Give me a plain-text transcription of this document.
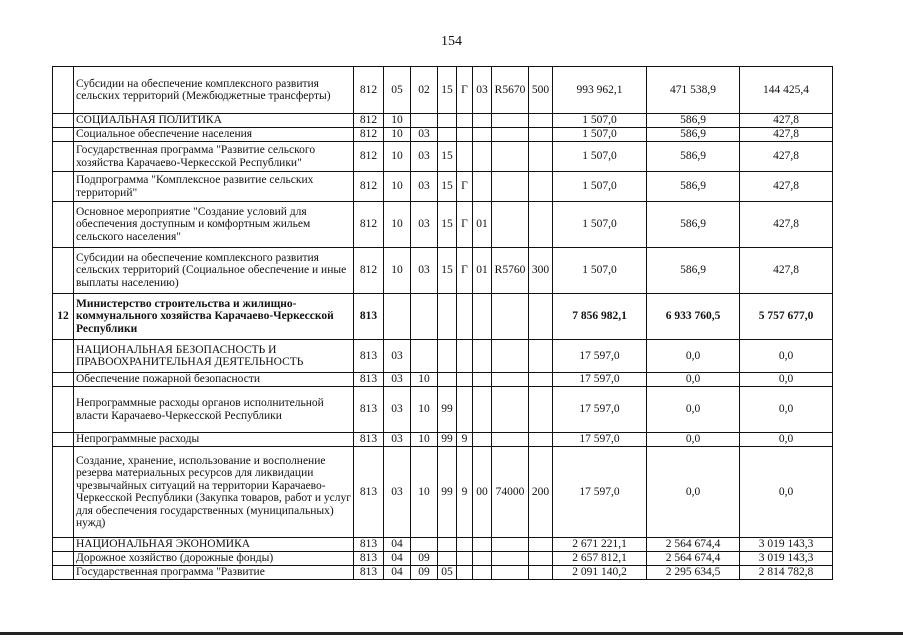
154
	Субсидии на обеспечение комплексного развития сельских территорий (Межбюджетные трансферты)	812	05	02	15	Г	03	R5670	500	993 962,1	471 538,9	144 425,4
	СОЦИАЛЬНАЯ ПОЛИТИКА	812	10							1 507,0	586,9	427,8
	Социальное обеспечение населения	812	10	03						1 507,0	586,9	427,8
	Государственная программа "Развитие сельского хозяйства Карачаево-Черкесской Республики"	812	10	03	15					1 507,0	586,9	427,8
	Подпрограмма "Комплексное развитие сельских территорий"	812	10	03	15	Г				1 507,0	586,9	427,8
	Основное мероприятие "Создание условий для обеспечения доступным и комфортным жильем сельского населения"	812	10	03	15	Г	01			1 507,0	586,9	427,8
	Субсидии на обеспечение комплексного развития сельских территорий (Социальное обеспечение и иные выплаты населению)	812	10	03	15	Г	01	R5760	300	1 507,0	586,9	427,8
12	Министерство строительства и жилищно-коммунального хозяйства Карачаево-Черкесской Республики	813								7 856 982,1	6 933 760,5	5 757 677,0
	НАЦИОНАЛЬНАЯ БЕЗОПАСНОСТЬ И ПРАВООХРАНИТЕЛЬНАЯ ДЕЯТЕЛЬНОСТЬ	813	03							17 597,0	0,0	0,0
	Обеспечение пожарной безопасности	813	03	10						17 597,0	0,0	0,0
	Непрограммные расходы органов исполнительной власти Карачаево-Черкесской Республики	813	03	10	99					17 597,0	0,0	0,0
	Непрограммные расходы	813	03	10	99	9				17 597,0	0,0	0,0
	Создание, хранение, использование и восполнение резерва материальных ресурсов для ликвидации чрезвычайных ситуаций на территории Карачаево-Черкесской Республики (Закупка товаров, работ и услуг для обеспечения государственных (муниципальных) нужд)	813	03	10	99	9	00	74000	200	17 597,0	0,0	0,0
	НАЦИОНАЛЬНАЯ ЭКОНОМИКА	813	04							2 671 221,1	2 564 674,4	3 019 143,3
	Дорожное хозяйство (дорожные фонды)	813	04	09						2 657 812,1	2 564 674,4	3 019 143,3
	Государственная программа "Развитие	813	04	09	05					2 091 140,2	2 295 634,5	2 814 782,8
